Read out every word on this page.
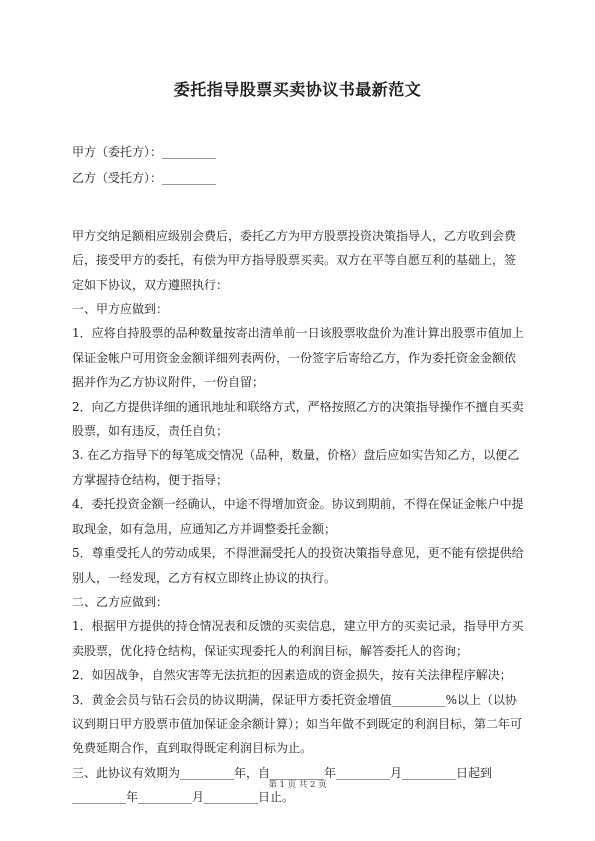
委托指导股票买卖协议书最新范文

甲方（委托方）：_________

乙方（受托方）：_________

甲方交纳足额相应级别会费后，委托乙方为甲方股票投资决策指导人，乙方收到会费后，接受甲方的委托，有偿为甲方指导股票买卖。双方在平等自愿互利的基础上，签定如下协议，双方遵照执行：

一、甲方应做到：

1．应将自持股票的品种数量按寄出清单前一日该股票收盘价为准计算出股票市值加上保证金帐户可用资金金额详细列表两份，一份签字后寄给乙方，作为委托资金金额依据并作为乙方协议附件，一份自留；

2．向乙方提供详细的通讯地址和联络方式，严格按照乙方的决策指导操作不擅自买卖股票，如有违反，责任自负；

3. 在乙方指导下的每笔成交情况（品种，数量，价格）盘后应如实告知乙方，以便乙方掌握持仓结构，便于指导；

4．委托投资金额一经确认，中途不得增加资金。协议到期前，不得在保证金帐户中提取现金，如有急用，应通知乙方并调整委托金额；

5．尊重受托人的劳动成果，不得泄漏受托人的投资决策指导意见，更不能有偿提供给别人，一经发现，乙方有权立即终止协议的执行。

二、乙方应做到：

1．根据甲方提供的持仓情况表和反馈的买卖信息，建立甲方的买卖记录，指导甲方买卖股票，优化持仓结构，保证实现委托人的利润目标，解答委托人的咨询；

2．如因战争，自然灾害等无法抗拒的因素造成的资金损失，按有关法律程序解决；

3．黄金会员与钻石会员的协议期满，保证甲方委托资金增值_________%以上（以协议到期日甲方股票市值加保证金余额计算）；如当年做不到既定的利润目标，第二年可免费延期合作，直到取得既定利润目标为止。

三、此协议有效期为_________年，自_________年_________月_________日起到_________年_________月_________日止。

第 1 页 共 2 页
